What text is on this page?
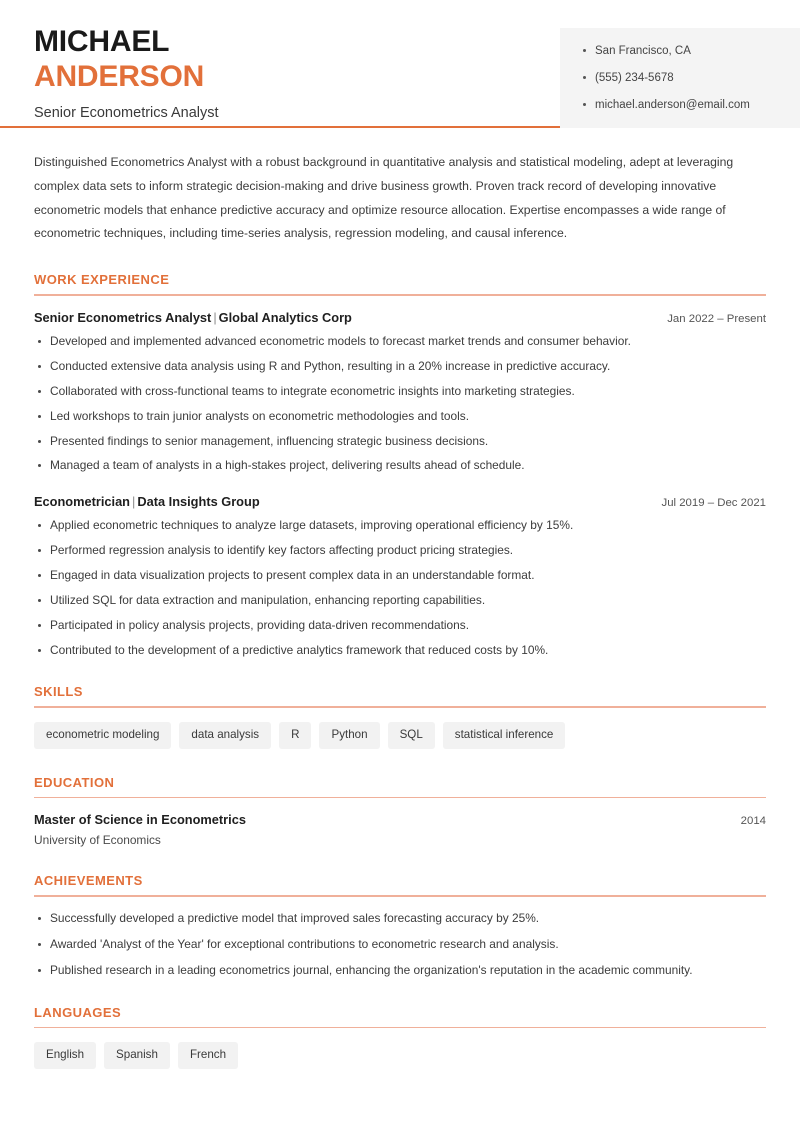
MICHAEL
ANDERSON
Senior Econometrics Analyst
San Francisco, CA
(555) 234-5678
michael.anderson@email.com

Distinguished Econometrics Analyst with a robust background in quantitative analysis and statistical modeling, adept at leveraging complex data sets to inform strategic decision-making and drive business growth. Proven track record of developing innovative econometric models that enhance predictive accuracy and optimize resource allocation. Expertise encompasses a wide range of econometric techniques, including time-series analysis, regression modeling, and causal inference.

WORK EXPERIENCE
Senior Econometrics Analyst | Global Analytics Corp	Jan 2022 – Present
Developed and implemented advanced econometric models to forecast market trends and consumer behavior.
Conducted extensive data analysis using R and Python, resulting in a 20% increase in predictive accuracy.
Collaborated with cross-functional teams to integrate econometric insights into marketing strategies.
Led workshops to train junior analysts on econometric methodologies and tools.
Presented findings to senior management, influencing strategic business decisions.
Managed a team of analysts in a high-stakes project, delivering results ahead of schedule.
Econometrician | Data Insights Group	Jul 2019 – Dec 2021
Applied econometric techniques to analyze large datasets, improving operational efficiency by 15%.
Performed regression analysis to identify key factors affecting product pricing strategies.
Engaged in data visualization projects to present complex data in an understandable format.
Utilized SQL for data extraction and manipulation, enhancing reporting capabilities.
Participated in policy analysis projects, providing data-driven recommendations.
Contributed to the development of a predictive analytics framework that reduced costs by 10%.
SKILLS
econometric modeling	data analysis	R	Python	SQL	statistical inference
EDUCATION
Master of Science in Econometrics	2014
University of Economics
ACHIEVEMENTS
Successfully developed a predictive model that improved sales forecasting accuracy by 25%.
Awarded 'Analyst of the Year' for exceptional contributions to econometric research and analysis.
Published research in a leading econometrics journal, enhancing the organization's reputation in the academic community.
LANGUAGES
English	Spanish	French
